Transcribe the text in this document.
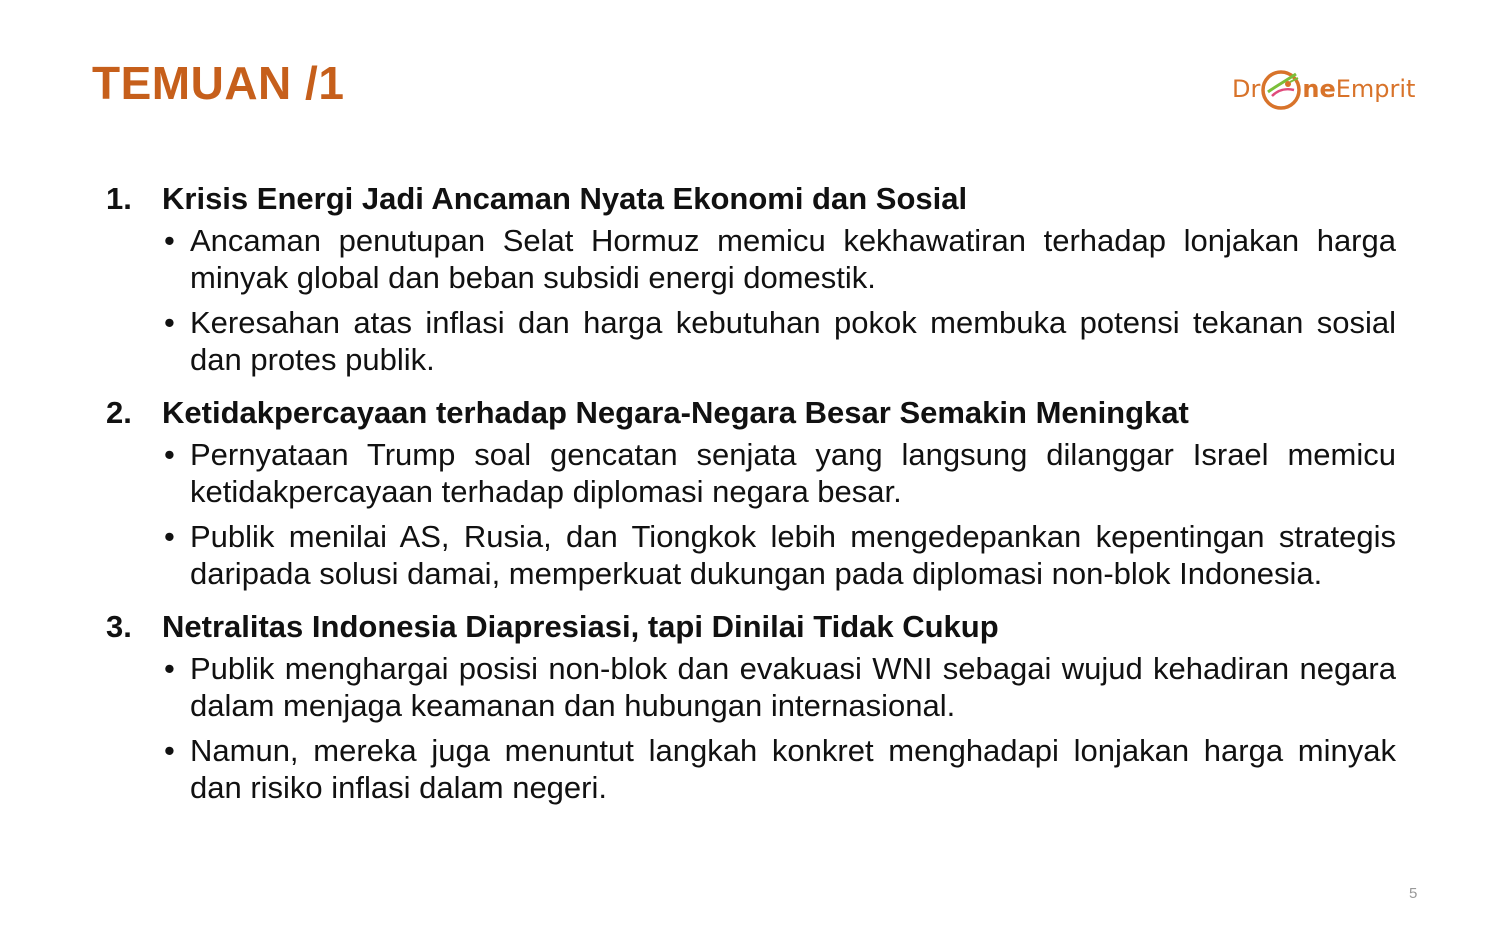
TEMUAN /1	Dr ne Emprit
1. Krisis Energi Jadi Ancaman Nyata Ekonomi dan Sosial
• Ancaman penutupan Selat Hormuz memicu kekhawatiran terhadap lonjakan harga minyak global dan beban subsidi energi domestik.
• Keresahan atas inflasi dan harga kebutuhan pokok membuka potensi tekanan sosial dan protes publik.
2. Ketidakpercayaan terhadap Negara-Negara Besar Semakin Meningkat
• Pernyataan Trump soal gencatan senjata yang langsung dilanggar Israel memicu ketidakpercayaan terhadap diplomasi negara besar.
• Publik menilai AS, Rusia, dan Tiongkok lebih mengedepankan kepentingan strategis daripada solusi damai, memperkuat dukungan pada diplomasi non-blok Indonesia.
3. Netralitas Indonesia Diapresiasi, tapi Dinilai Tidak Cukup
• Publik menghargai posisi non-blok dan evakuasi WNI sebagai wujud kehadiran negara dalam menjaga keamanan dan hubungan internasional.
• Namun, mereka juga menuntut langkah konkret menghadapi lonjakan harga minyak dan risiko inflasi dalam negeri.
5
